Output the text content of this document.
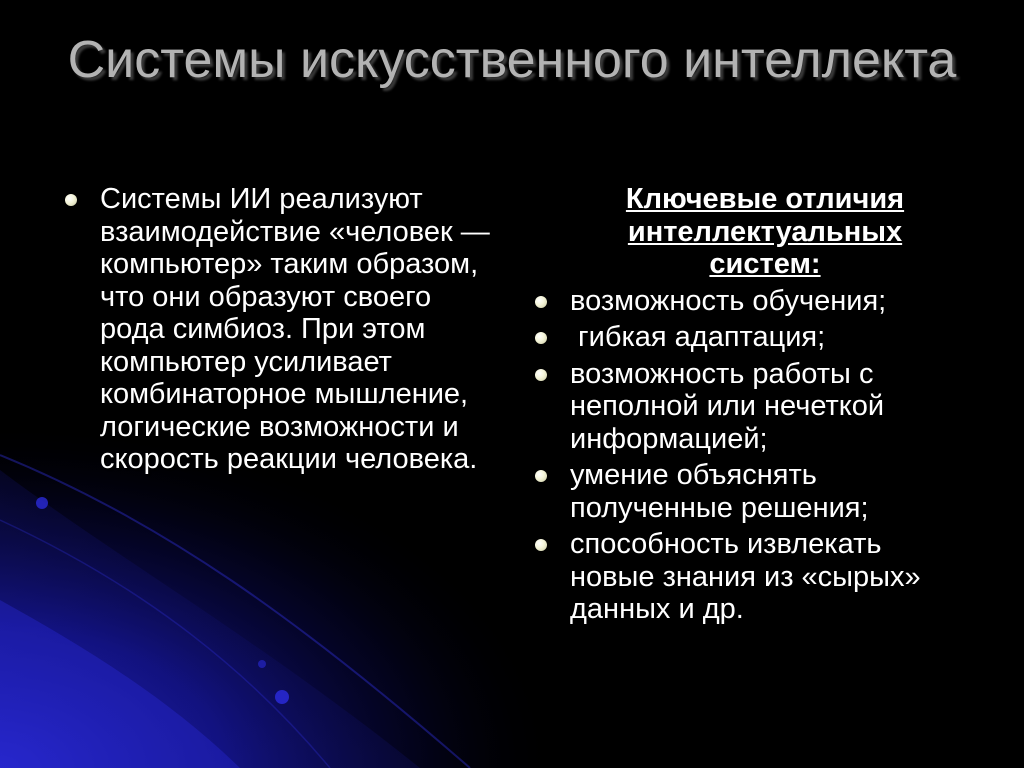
Системы искусственного интеллекта
Системы ИИ реализуют взаимодействие «человек — компьютер» таким образом, что они образуют своего рода симбиоз. При этом компьютер усиливает комбинаторное мышление, логические возможности и скорость реакции человека.
Ключевые отличия интеллектуальных систем:
возможность обучения;
гибкая адаптация;
возможность работы с неполной или нечеткой информацией;
умение объяснять полученные решения;
способность извлекать новые знания из «сырых» данных и др.
